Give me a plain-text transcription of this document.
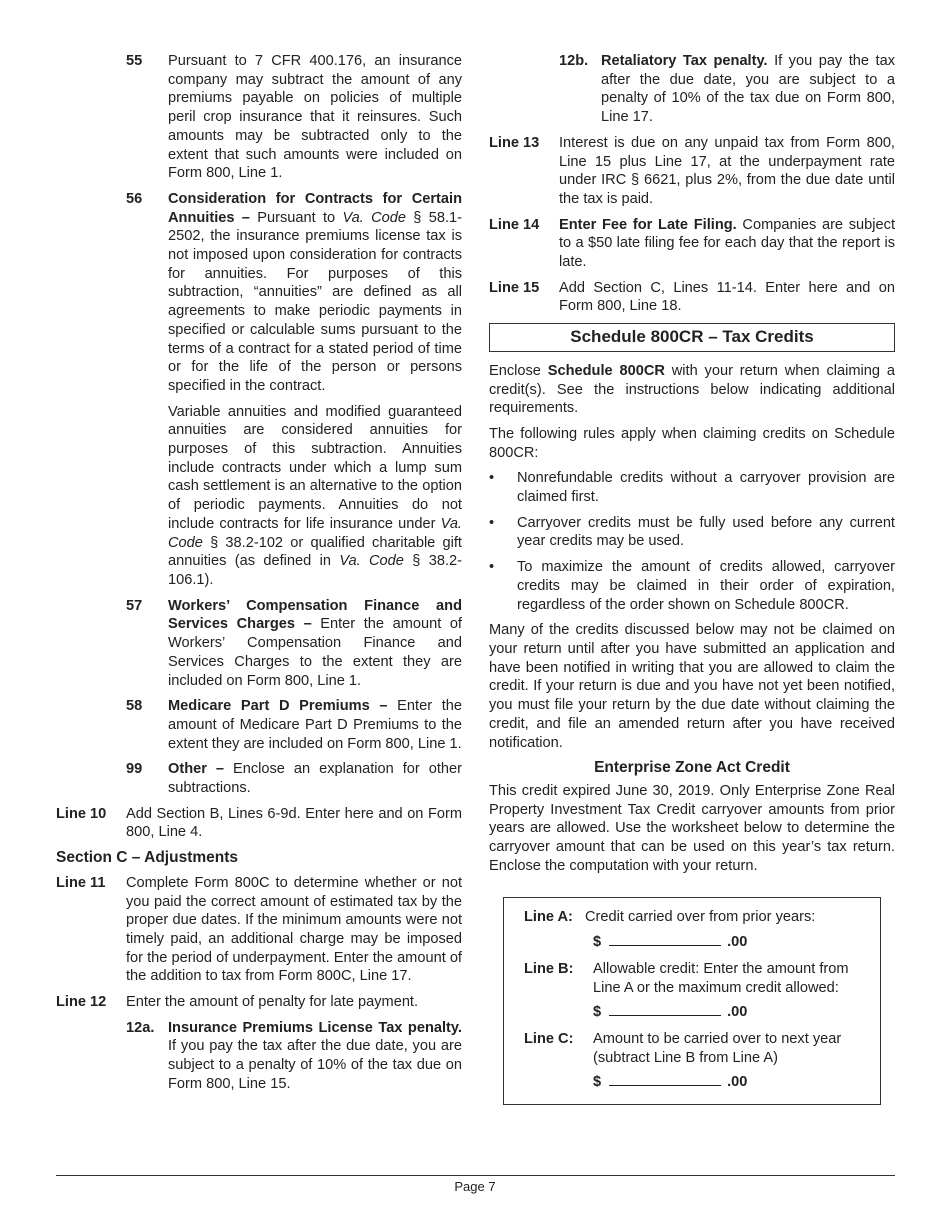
55	Pursuant to 7 CFR 400.176, an insurance company may subtract the amount of any premiums payable on policies of multiple peril crop insurance that it reinsures. Such amounts may be subtracted only to the extent that such amounts were included on Form 800, Line 1.
56	Consideration for Contracts for Certain Annuities – Pursuant to Va. Code § 58.1-2502, the insurance premiums license tax is not imposed upon consideration for contracts for annuities. For purposes of this subtraction, “annuities” are defined as all agreements to make periodic payments in specified or calculable sums pursuant to the terms of a contract for a stated period of time or for the life of the person or persons specified in the contract.

Variable annuities and modified guaranteed annuities are considered annuities for purposes of this subtraction. Annuities include contracts under which a lump sum cash settlement is an alternative to the option of periodic payments. Annuities do not include contracts for life insurance under Va. Code § 38.2-102 or qualified charitable gift annuities (as defined in Va. Code § 38.2-106.1).

57	Workers’ Compensation Finance and Services Charges – Enter the amount of Workers’ Compensation Finance and Services Charges to the extent they are included on Form 800, Line 1.
58	Medicare Part D Premiums – Enter the amount of Medicare Part D Premiums to the extent they are included on Form 800, Line 1.
99	Other – Enclose an explanation for other subtractions.
Line 10	Add Section B, Lines 6-9d. Enter here and on Form 800, Line 4.
Section C – Adjustments
Line 11	Complete Form 800C to determine whether or not you paid the correct amount of estimated tax by the proper due dates. If the minimum amounts were not timely paid, an additional charge may be imposed for the period of underpayment. Enter the amount of the addition to tax from Form 800C, Line 17.
Line 12	Enter the amount of penalty for late payment.
12a. Insurance Premiums License Tax penalty. If you pay the tax after the due date, you are subject to a penalty of 10% of the tax due on Form 800, Line 15.
12b. Retaliatory Tax penalty. If you pay the tax after the due date, you are subject to a penalty of 10% of the tax due on Form 800, Line 17.
Line 13	Interest is due on any unpaid tax from Form 800, Line 15 plus Line 17, at the underpayment rate under IRC § 6621, plus 2%, from the due date until the tax is paid.
Line 14	Enter Fee for Late Filing. Companies are subject to a $50 late filing fee for each day that the report is late.
Line 15	Add Section C, Lines 11-14. Enter here and on Form 800, Line 18.
Schedule 800CR – Tax Credits

Enclose Schedule 800CR with your return when claiming a credit(s). See the instructions below indicating additional requirements.

The following rules apply when claiming credits on Schedule 800CR:

•	Nonrefundable credits without a carryover provision are claimed first.
•	Carryover credits must be fully used before any current year credits may be used.
•	To maximize the amount of credits allowed, carryover credits may be claimed in their order of expiration, regardless of the order shown on Schedule 800CR.

Many of the credits discussed below may not be claimed on your return until after you have submitted an application and have been notified in writing that you are allowed to claim the credit. If your return is due and you have not yet been notified, you must file your return by the due date without claiming the credit, and file an amended return after you have received notification.

Enterprise Zone Act Credit

This credit expired June 30, 2019. Only Enterprise Zone Real Property Investment Tax Credit carryover amounts from prior years are allowed. Use the worksheet below to determine the carryover amount that can be used on this year’s tax return. Enclose the computation with your return.

Line A: Credit carried over from prior years:
$	.00
Line B:	Allowable credit: Enter the amount from Line A or the maximum credit allowed:
$	.00
Line C:	Amount to be carried over to next year (subtract Line B from Line A)
$	.00
Page 7
